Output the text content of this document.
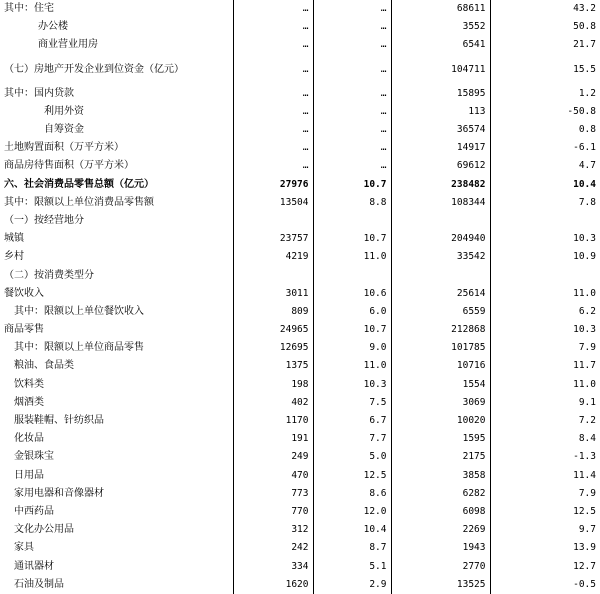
其中：住宅	…	…	68611	43.2
办公楼	…	…	3552	50.8
商业营业用房	…	…	6541	21.7
（七）房地产开发企业到位资金（亿元）	…	…	104711	15.5
其中：国内贷款	…	…	15895	1.2
利用外资	…	…	113	-50.8
自筹资金	…	…	36574	0.8
土地购置面积（万平方米）	…	…	14917	-6.1
商品房待售面积（万平方米）	…	…	69612	4.7
六、社会消费品零售总额（亿元）	27976	10.7	238482	10.4
其中：限额以上单位消费品零售额	13504	8.8	108344	7.8
（一）按经营地分				
城镇	23757	10.7	204940	10.3
乡村	4219	11.0	33542	10.9
（二）按消费类型分				
餐饮收入	3011	10.6	25614	11.0
其中：限额以上单位餐饮收入	809	6.0	6559	6.2
商品零售	24965	10.7	212868	10.3
其中：限额以上单位商品零售	12695	9.0	101785	7.9
粮油、食品类	1375	11.0	10716	11.7
饮料类	198	10.3	1554	11.0
烟酒类	402	7.5	3069	9.1
服装鞋帽、针纺织品	1170	6.7	10020	7.2
化妆品	191	7.7	1595	8.4
金银珠宝	249	5.0	2175	-1.3
日用品	470	12.5	3858	11.4
家用电器和音像器材	773	8.6	6282	7.9
中西药品	770	12.0	6098	12.5
文化办公用品	312	10.4	2269	9.7
家具	242	8.7	1943	13.9
通讯器材	334	5.1	2770	12.7
石油及制品	1620	2.9	13525	-0.5
